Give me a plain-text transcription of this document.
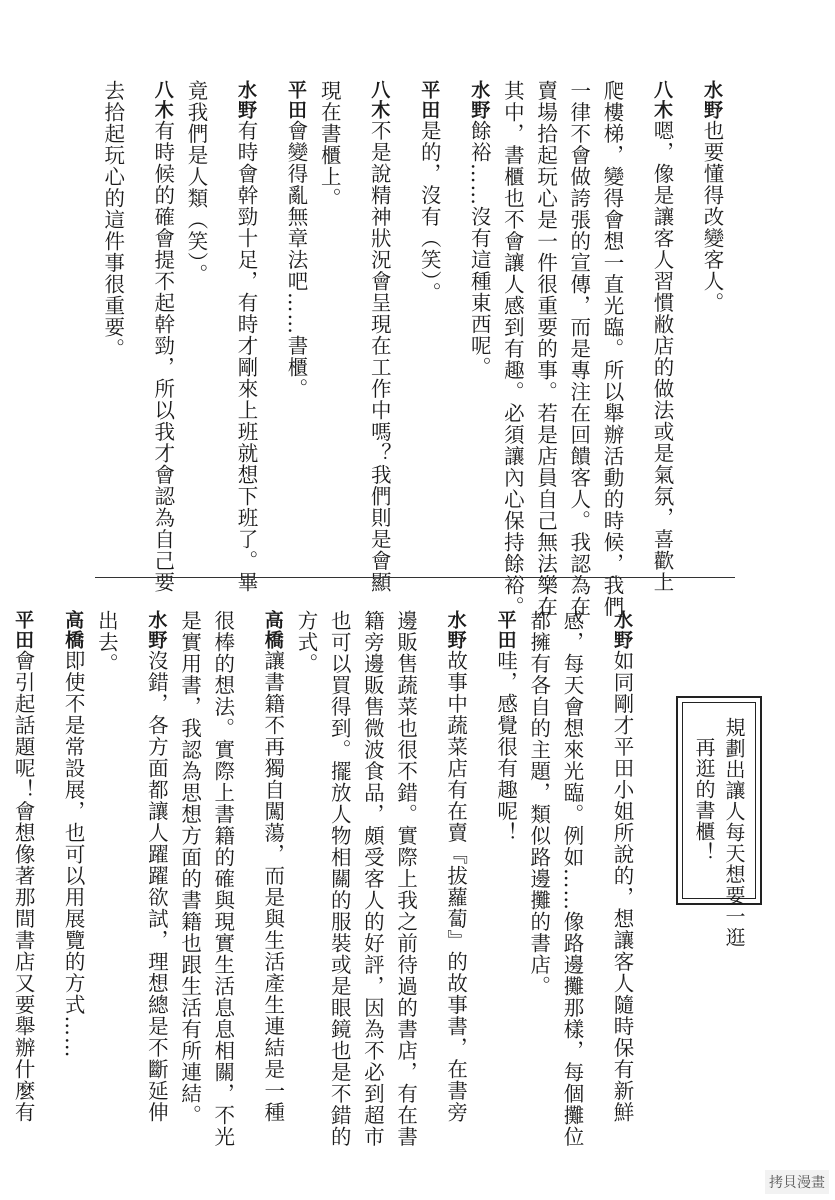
水野也要懂得改變客人。
八木嗯，像是讓客人習慣敝店的做法或是氣氛，喜歡上
爬樓梯，變得會想一直光臨。所以舉辦活動的時候，我們
一律不會做誇張的宣傳，而是專注在回饋客人。我認為在
賣場拾起玩心是一件很重要的事。若是店員自己無法樂在
其中，書櫃也不會讓人感到有趣。必須讓內心保持餘裕。
水野餘裕……沒有這種東西呢。
平田是的，沒有（笑）。
八木不是說精神狀況會呈現在工作中嗎？我們則是會顯
現在書櫃上。
平田會變得亂無章法吧……書櫃。
水野有時會幹勁十足，有時才剛來上班就想下班了。畢
竟我們是人類（笑）。
八木有時候的確會提不起幹勁，所以我才會認為自己要
去拾起玩心的這件事很重要。
規劃出讓人每天想要一逛
再逛的書櫃！
水野如同剛才平田小姐所說的，想讓客人隨時保有新鮮
感，每天會想來光臨。例如……像路邊攤那樣，每個攤位
都擁有各自的主題，類似路邊攤的書店。
平田哇，感覺很有趣呢！
水野故事中蔬菜店有在賣『拔蘿蔔』的故事書，在書旁
邊販售蔬菜也很不錯。實際上我之前待過的書店，有在書
籍旁邊販售微波食品，頗受客人的好評，因為不必到超市
也可以買得到。擺放人物相關的服裝或是眼鏡也是不錯的
方式。
高橋讓書籍不再獨自闖蕩，而是與生活產生連結是一種
很棒的想法。實際上書籍的確與現實生活息息相關，不光
是實用書，我認為思想方面的書籍也跟生活有所連結。
水野沒錯，各方面都讓人躍躍欲試，理想總是不斷延伸
出去。
高橋即使不是常設展，也可以用展覽的方式……
平田會引起話題呢！會想像著那間書店又要舉辦什麼有
拷貝漫畫
